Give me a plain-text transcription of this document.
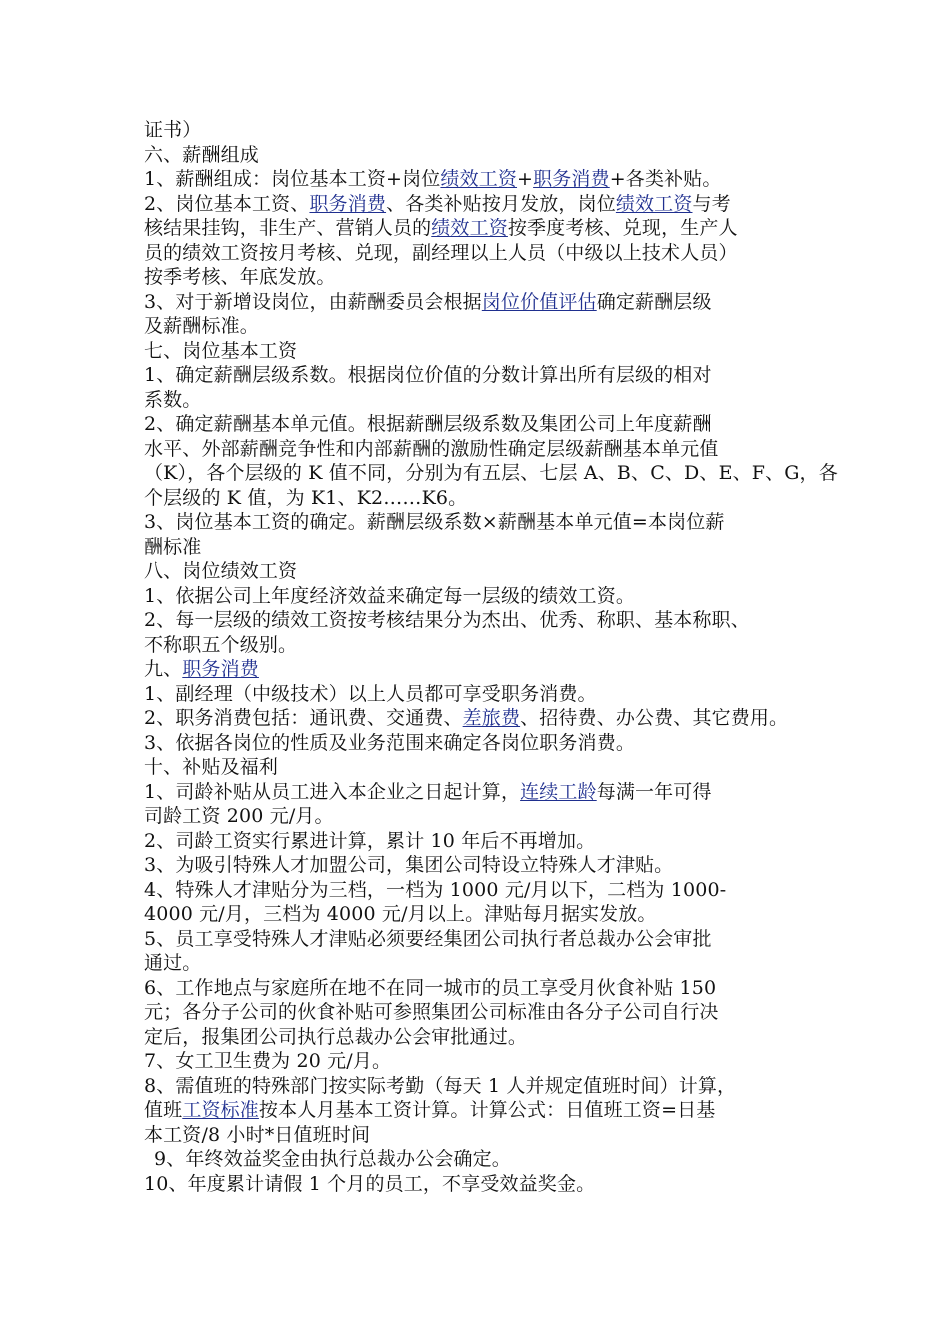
证书）
六、薪酬组成
1、薪酬组成：岗位基本工资+岗位绩效工资+职务消费+各类补贴。
2、岗位基本工资、职务消费、各类补贴按月发放，岗位绩效工资与考
核结果挂钩，非生产、营销人员的绩效工资按季度考核、兑现，生产人
员的绩效工资按月考核、兑现，副经理以上人员（中级以上技术人员）
按季考核、年底发放。
3、对于新增设岗位，由薪酬委员会根据岗位价值评估确定薪酬层级
及薪酬标准。
七、岗位基本工资
1、确定薪酬层级系数。根据岗位价值的分数计算出所有层级的相对
系数。
2、确定薪酬基本单元值。根据薪酬层级系数及集团公司上年度薪酬
水平、外部薪酬竞争性和内部薪酬的激励性确定层级薪酬基本单元值
（K），各个层级的 K 值不同，分别为有五层、七层 A、B、C、D、E、F、G，各
个层级的 K 值，为 K1、K2……K6。
3、岗位基本工资的确定。薪酬层级系数×薪酬基本单元值=本岗位薪
酬标准
八、岗位绩效工资
1、依据公司上年度经济效益来确定每一层级的绩效工资。
2、每一层级的绩效工资按考核结果分为杰出、优秀、称职、基本称职、
不称职五个级别。
九、职务消费
1、副经理（中级技术）以上人员都可享受职务消费。
2、职务消费包括：通讯费、交通费、差旅费、招待费、办公费、其它费用。
3、依据各岗位的性质及业务范围来确定各岗位职务消费。
十、补贴及福利
1、司龄补贴从员工进入本企业之日起计算，连续工龄每满一年可得
司龄工资 200 元/月。
2、司龄工资实行累进计算，累计 10 年后不再增加。
3、为吸引特殊人才加盟公司，集团公司特设立特殊人才津贴。
4、特殊人才津贴分为三档，一档为 1000 元/月以下，二档为 1000-
4000 元/月，三档为 4000 元/月以上。津贴每月据实发放。
5、员工享受特殊人才津贴必须要经集团公司执行者总裁办公会审批
通过。
6、工作地点与家庭所在地不在同一城市的员工享受月伙食补贴 150
元；各分子公司的伙食补贴可参照集团公司标准由各分子公司自行决
定后，报集团公司执行总裁办公会审批通过。
7、女工卫生费为 20 元/月。
8、需值班的特殊部门按实际考勤（每天 1 人并规定值班时间）计算，
值班工资标准按本人月基本工资计算。计算公式：日值班工资=日基
本工资/8 小时*日值班时间
9、年终效益奖金由执行总裁办公会确定。
10、年度累计请假 1 个月的员工，不享受效益奖金。
